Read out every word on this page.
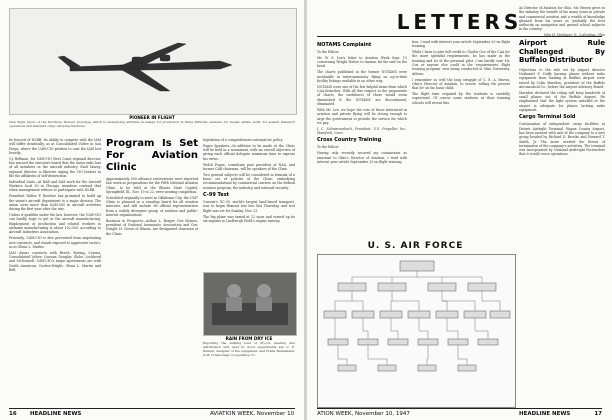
PIONEER IN FLIGHT
New flight photo of the Northrop Pioneer prototype which is undergoing airframe re-design for production in three different versions: for feeder airline work; for assault transport operations and standard cargo-carrying functions.

its boycott of NLRB. Its ability to compete with the IAM will suffer drastically, as at Consolidated Vultee in San Diego, where the UAW-CIO petition to oust the IAM lost heavily.

Cy Hellman, for UAW-CIO West Coast regional director, has warned the executive board that the union risks loss of all members in the aircraft industry. Emil Mazey, regional director, is likewise urging the CIO leaders to file the affidavits of self-destruction.

Individual Suits—At BAE and IAM work for the Aircraft Workers local 30 in Chicago, members contend that when management refuses to participate with NLRB.

President Walter P. Reuther has promised to build up the union's aircraft department to a major division. The union owes more than $245,000 in aircraft activities during the first year after the war.

Unless it qualifies under the law, however, the UAW-CIO can hardly hope to get in the aircraft manufacturing. Employment at production and related workers in airframe manufacturing is about 102,000, according to Aircraft Industries Association.

Presently, UAW-CIO is also prevented from negotiating new contracts, and stands exposed to aggressive tactics, as at Glenn L. Martin.

IAM claims contracts with Beech, Boeing, Cessna, Consolidated Vultee, Convair, Douglas, Globe, Lockheed and McDonnell. UAW-CIO's major agreements are with North American, Curtiss-Wright, Glenn L. Martin and Bell.

Program Is Set For Aviation Clinic

Approximately 500 advance reservations were reported last week as preparations for the Fifth National Aviation Clinic, to be held at the Illinois State Capitol, Springfield, Ill., Nov. 19 to 22, were nearing completion.

Scheduled originally to meet in Oklahoma City, the 1947 Clinic is planned as a roundup board for all aviation interests, and will include 66 official representatives from a widely divergent group of aviation and public-interest organizations.

Business in Prospects—Arthur L. Borger, Des Moines, president of National Aeronautic Association and Gov. Dwight H. Green of Illinois, are designated chairmen of the Clinic.

legislation of a comprehensive national air policy.

Pages Speakers—In addition to be made at the Clinic will be held in a monument, with an overall objective of giving each official delegate maximum time to express his views.

Welch Pogue, consultant past president of NAA, and former CAB chairman, will be speakers of the Clinic.

Two general subjects will be considered in formula of a basic set of policies of the Clinic, embodying recommendations by commercial carriers on the federal aviation program, the industry, and national security.

C-99 Test

Convair's XC-99, world's largest land-based transport, was to begin flexural test late last Thursday, and test flight was set for Sunday, Nov. 23.

The big plane was taxied at 12 noon and turned up its six engines in Lindbergh Field's engine runway.

RAIN FROM DRY ICE
Reporting the settling load of dry-ice clearing and distribution unit used in cloud experiments are C. E. Benson, designer of the equipment, and Frank Heinemann, both of San Diego Cooperative Co.
16	HEADLINE NEWS	AVIATION WEEK, November 10
LETTERS
NOTAMS Complaint

To the Editor:

Mr. W. S. Lee's letter to Aviation Week Sept. 15 concerning Wright Notice to Airmen hit the nail on the head.

The charts published in the former NOTAMS were invaluable in intercommunity flying on up-to-date facility listings available in no other way.

NOTAMS were one of the few helpful items from which CAA furnishes. With all due respect to the proponents of charts, the usefulness of these would seem diminished if the NOTAMS are discontinued, eliminated.

With Mr. Lee, we hope the vote of those interested in aviation and private flying will be strong enough to urge the government to provide the service for which we pay.

J. C. Schwarzenbach, President, U.S. Propeller, Inc., Stamford, Conn.

Cross Country Training

To the Editor:

Having only recently secured my commission as assistant to Ohio's Director of Aviation, I read with interest your article September 29 on flight training.

tion, I read with interest your article September 29 on flight training.

While I have to give full credit to Charlie Goo of the CAA for the more splendid requirements, he has made in the training and lot of the personal pilot. I am hardly sure Mr. Cox or anyone else could in the 'requirements' flight training program' now being conducted at Ohio University, Athens.

I remember so well the long struggle of C. E. A. Brown, Ohio's Director of Aviation, to secure 'selling the powers that be' on his basic child.

The flight time required by the students is carefully supervised. Of course some students at their training schools will resent this.

As Director of Aviation for Ohio, Mr. Brown gives to the industry the benefit of his many years in private and commercial aviation and a wealth of knowledge gleaned from his years as 'probably the best authority on navigation and ground school subjects in the country.'

John H. Vanhaver, Jr., Columbus, Ohio

Airport Rule Challenged By Buffalo Distributor

Objections to the rule set by airport director Nathaniel E. Duffy barring planes without radio equipment from landing at Buffalo Airport were raised by Colin Marsden, president of the Buffalo Aeronautical Co., before the Airport Advisory Board.

Marsden declared the ruling will keep hundreds of small planes out of the Buffalo Airport. He emphasized that the light system installed at the airport is adequate for planes lacking radio equipment.

Cargo Terminal Sold

Continuation of independent cargo facilities at Detroit Airfright Terminal, Wayne County Airport, has been assured with sale of the company to a new group headed by Richard D. Brooks and Howard T. Smith, Jr. The move averted the threat of termination of the company's activities. The terminal was incorporated by National Airfreight Forwarders that it would cease operations.

U. S. AIR FORCE
ATION WEEK, November 10, 1947	HEADLINE NEWS	17
